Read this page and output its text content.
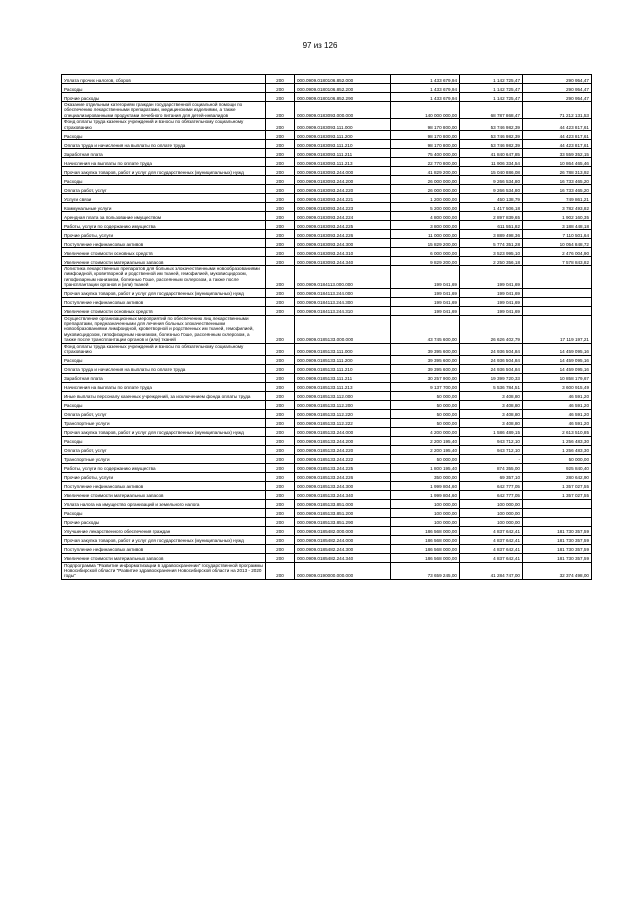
97 из 126
Уплата прочих налогов, сборов	200	000.0909.0180106.852.000	1 433 679,94	1 142 725,47	290 954,47
Расходы	200	000.0909.0180106.852.200	1 433 679,94	1 142 725,47	290 954,47
Прочие расходы	200	000.0909.0180106.852.290	1 433 679,94	1 142 725,47	290 954,47
Оказание отдельным категориям граждан государственной социальной помощи по обеспечению лекарственными препаратами, медицинскими изделиями, а также специализированными продуктами лечебного питания для детей-инвалидов	200	000.0909.0183093.000.000	140 000 000,00	68 787 868,47	71 212 131,53
Фонд оплаты труда казенных учреждений и взносы по обязательному социальному страхованию	200	000.0909.0183093.111.000	98 170 800,00	53 746 982,39	44 423 817,61
Расходы	200	000.0909.0183093.111.200	98 170 800,00	53 746 982,39	44 423 817,61
Оплата труда и начисления на выплаты по оплате труда	200	000.0909.0183093.111.210	98 170 800,00	53 746 982,39	44 423 817,61
Заработная плата	200	000.0909.0183093.111.211	75 400 000,00	41 840 647,85	33 559 352,15
Начисления на выплаты по оплате труда	200	000.0909.0183093.111.213	22 770 800,00	11 906 334,54	10 864 465,46
Прочая закупка товаров, работ и услуг для государственных (муниципальных) нужд	200	000.0909.0183093.244.000	41 829 200,00	15 040 886,08	26 788 313,92
Расходы	200	000.0909.0183093.244.200	26 000 000,00	9 266 534,80	16 733 465,20
Оплата работ, услуг	200	000.0909.0183093.244.220	26 000 000,00	9 266 534,80	16 733 465,20
Услуги связи	200	000.0909.0183093.244.221	1 200 000,00	450 138,79	749 861,21
Коммунальные услуги	200	000.0909.0183093.244.223	5 200 000,00	1 417 506,18	3 782 493,82
Арендная плата за пользование имуществом	200	000.0909.0183093.244.224	4 800 000,00	2 897 839,65	1 902 160,35
Работы, услуги по содержанию имущества	200	000.0909.0183093.244.225	3 800 000,00	611 551,82	3 188 448,18
Прочие работы, услуги	200	000.0909.0183093.244.226	11 000 000,00	3 889 498,36	7 110 501,64
Поступление нефинансовых активов	200	000.0909.0183093.244.300	15 829 200,00	5 774 351,28	10 054 848,72
Увеличение стоимости основных средств	200	000.0909.0183093.244.310	6 000 000,00	3 523 995,10	2 476 004,90
Увеличение стоимости материальных запасов	200	000.0909.0183093.244.340	9 829 200,00	2 250 356,18	7 578 843,82
Логистика лекарственных препаратов для больных злокачественными новообразованиями лимфоидной, кроветворной и родственной им тканей, гемофилией, муковисцидозом, гипофизарным нанизмом, болезнью Гоше, рассеянным склерозом, а также после трансплантации органов и (или) тканей	200	000.0909.0184113.000.000	199 041,69	199 041,69	
Прочая закупка товаров, работ и услуг для государственных (муниципальных) нужд	200	000.0909.0184113.244.000	199 041,69	199 041,69	
Поступление нефинансовых активов	200	000.0909.0184113.244.300	199 041,69	199 041,69	
Увеличение стоимости основных средств	200	000.0909.0184113.244.310	199 041,69	199 041,69	
Осуществление организационных мероприятий по обеспечению лиц лекарственными препаратами, предназначенными для лечения больных злокачественными новообразованиями лимфоидной, кроветворной и родственных им тканей, гемофилией, муковисцидозом, гипофизарным нанизмом, болезнью Гоше, рассеянным склерозом, а также после трансплантации органов и (или) тканей	200	000.0909.0185133.000.000	43 745 600,00	26 626 402,79	17 119 197,21
Фонд оплаты труда казенных учреждений и взносы по обязательному социальному страхованию	200	000.0909.0185133.111.000	39 395 600,00	24 936 504,84	14 459 095,16
Расходы	200	000.0909.0185133.111.200	39 395 600,00	24 936 504,84	14 459 095,16
Оплата труда и начисления на выплаты по оплате труда	200	000.0909.0185133.111.210	39 395 600,00	24 936 504,84	14 459 095,16
Заработная плата	200	000.0909.0185133.111.211	30 257 900,00	19 399 720,33	10 858 179,67
Начисления на выплаты по оплате труда	200	000.0909.0185133.111.213	9 137 700,00	5 536 784,51	3 600 915,49
Иные выплаты персоналу казенных учреждений, за исключением фонда оплаты труда	200	000.0909.0185133.112.000	50 000,00	3 408,80	46 591,20
Расходы	200	000.0909.0185133.112.200	50 000,00	3 408,80	46 591,20
Оплата работ, услуг	200	000.0909.0185133.112.220	50 000,00	3 408,80	46 591,20
Транспортные услуги	200	000.0909.0185133.112.222	50 000,00	3 408,80	46 591,20
Прочая закупка товаров, работ и услуг для государственных (муниципальных) нужд	200	000.0909.0185133.244.000	4 200 000,00	1 586 489,15	2 613 510,85
Расходы	200	000.0909.0185133.244.200	2 200 195,40	943 712,10	1 256 483,30
Оплата работ, услуг	200	000.0909.0185133.244.220	2 200 195,40	943 712,10	1 256 483,30
Транспортные услуги	200	000.0909.0185133.244.222	50 000,00	-	50 000,00
Работы, услуги по содержанию имущества	200	000.0909.0185133.244.225	1 800 195,40	874 355,00	925 840,40
Прочие работы, услуги	200	000.0909.0185133.244.226	350 000,00	69 357,10	280 642,90
Поступление нефинансовых активов	200	000.0909.0185133.244.300	1 999 804,60	642 777,05	1 357 027,55
Увеличение стоимости материальных запасов	200	000.0909.0185133.244.340	1 999 804,60	642 777,05	1 357 027,55
Уплата налога на имущество организаций и земельного налога	200	000.0909.0185133.851.000	100 000,00	100 000,00	
Расходы	200	000.0909.0185133.851.200	100 000,00	100 000,00	
Прочие расходы	200	000.0909.0185133.851.290	100 000,00	100 000,00	
Улучшение лекарственного обеспечения граждан	200	000.0909.0185482.000.000	186 568 000,00	4 837 642,41	181 730 357,59
Прочая закупка товаров, работ и услуг для государственных (муниципальных) нужд	200	000.0909.0185482.244.000	186 568 000,00	4 837 642,41	181 730 357,59
Поступление нефинансовых активов	200	000.0909.0185482.244.300	186 568 000,00	4 837 642,41	181 730 357,59
Увеличение стоимости материальных запасов	200	000.0909.0185482.244.340	186 568 000,00	4 837 642,41	181 730 357,59
Подпрограмма "Развитие информатизации в здравоохранении" государственной программы Новосибирской области "Развитие здравоохранения Новосибирской области на 2013 - 2020 годы"	200	000.0909.0190000.000.000	73 659 245,00	41 284 747,00	32 374 498,00
